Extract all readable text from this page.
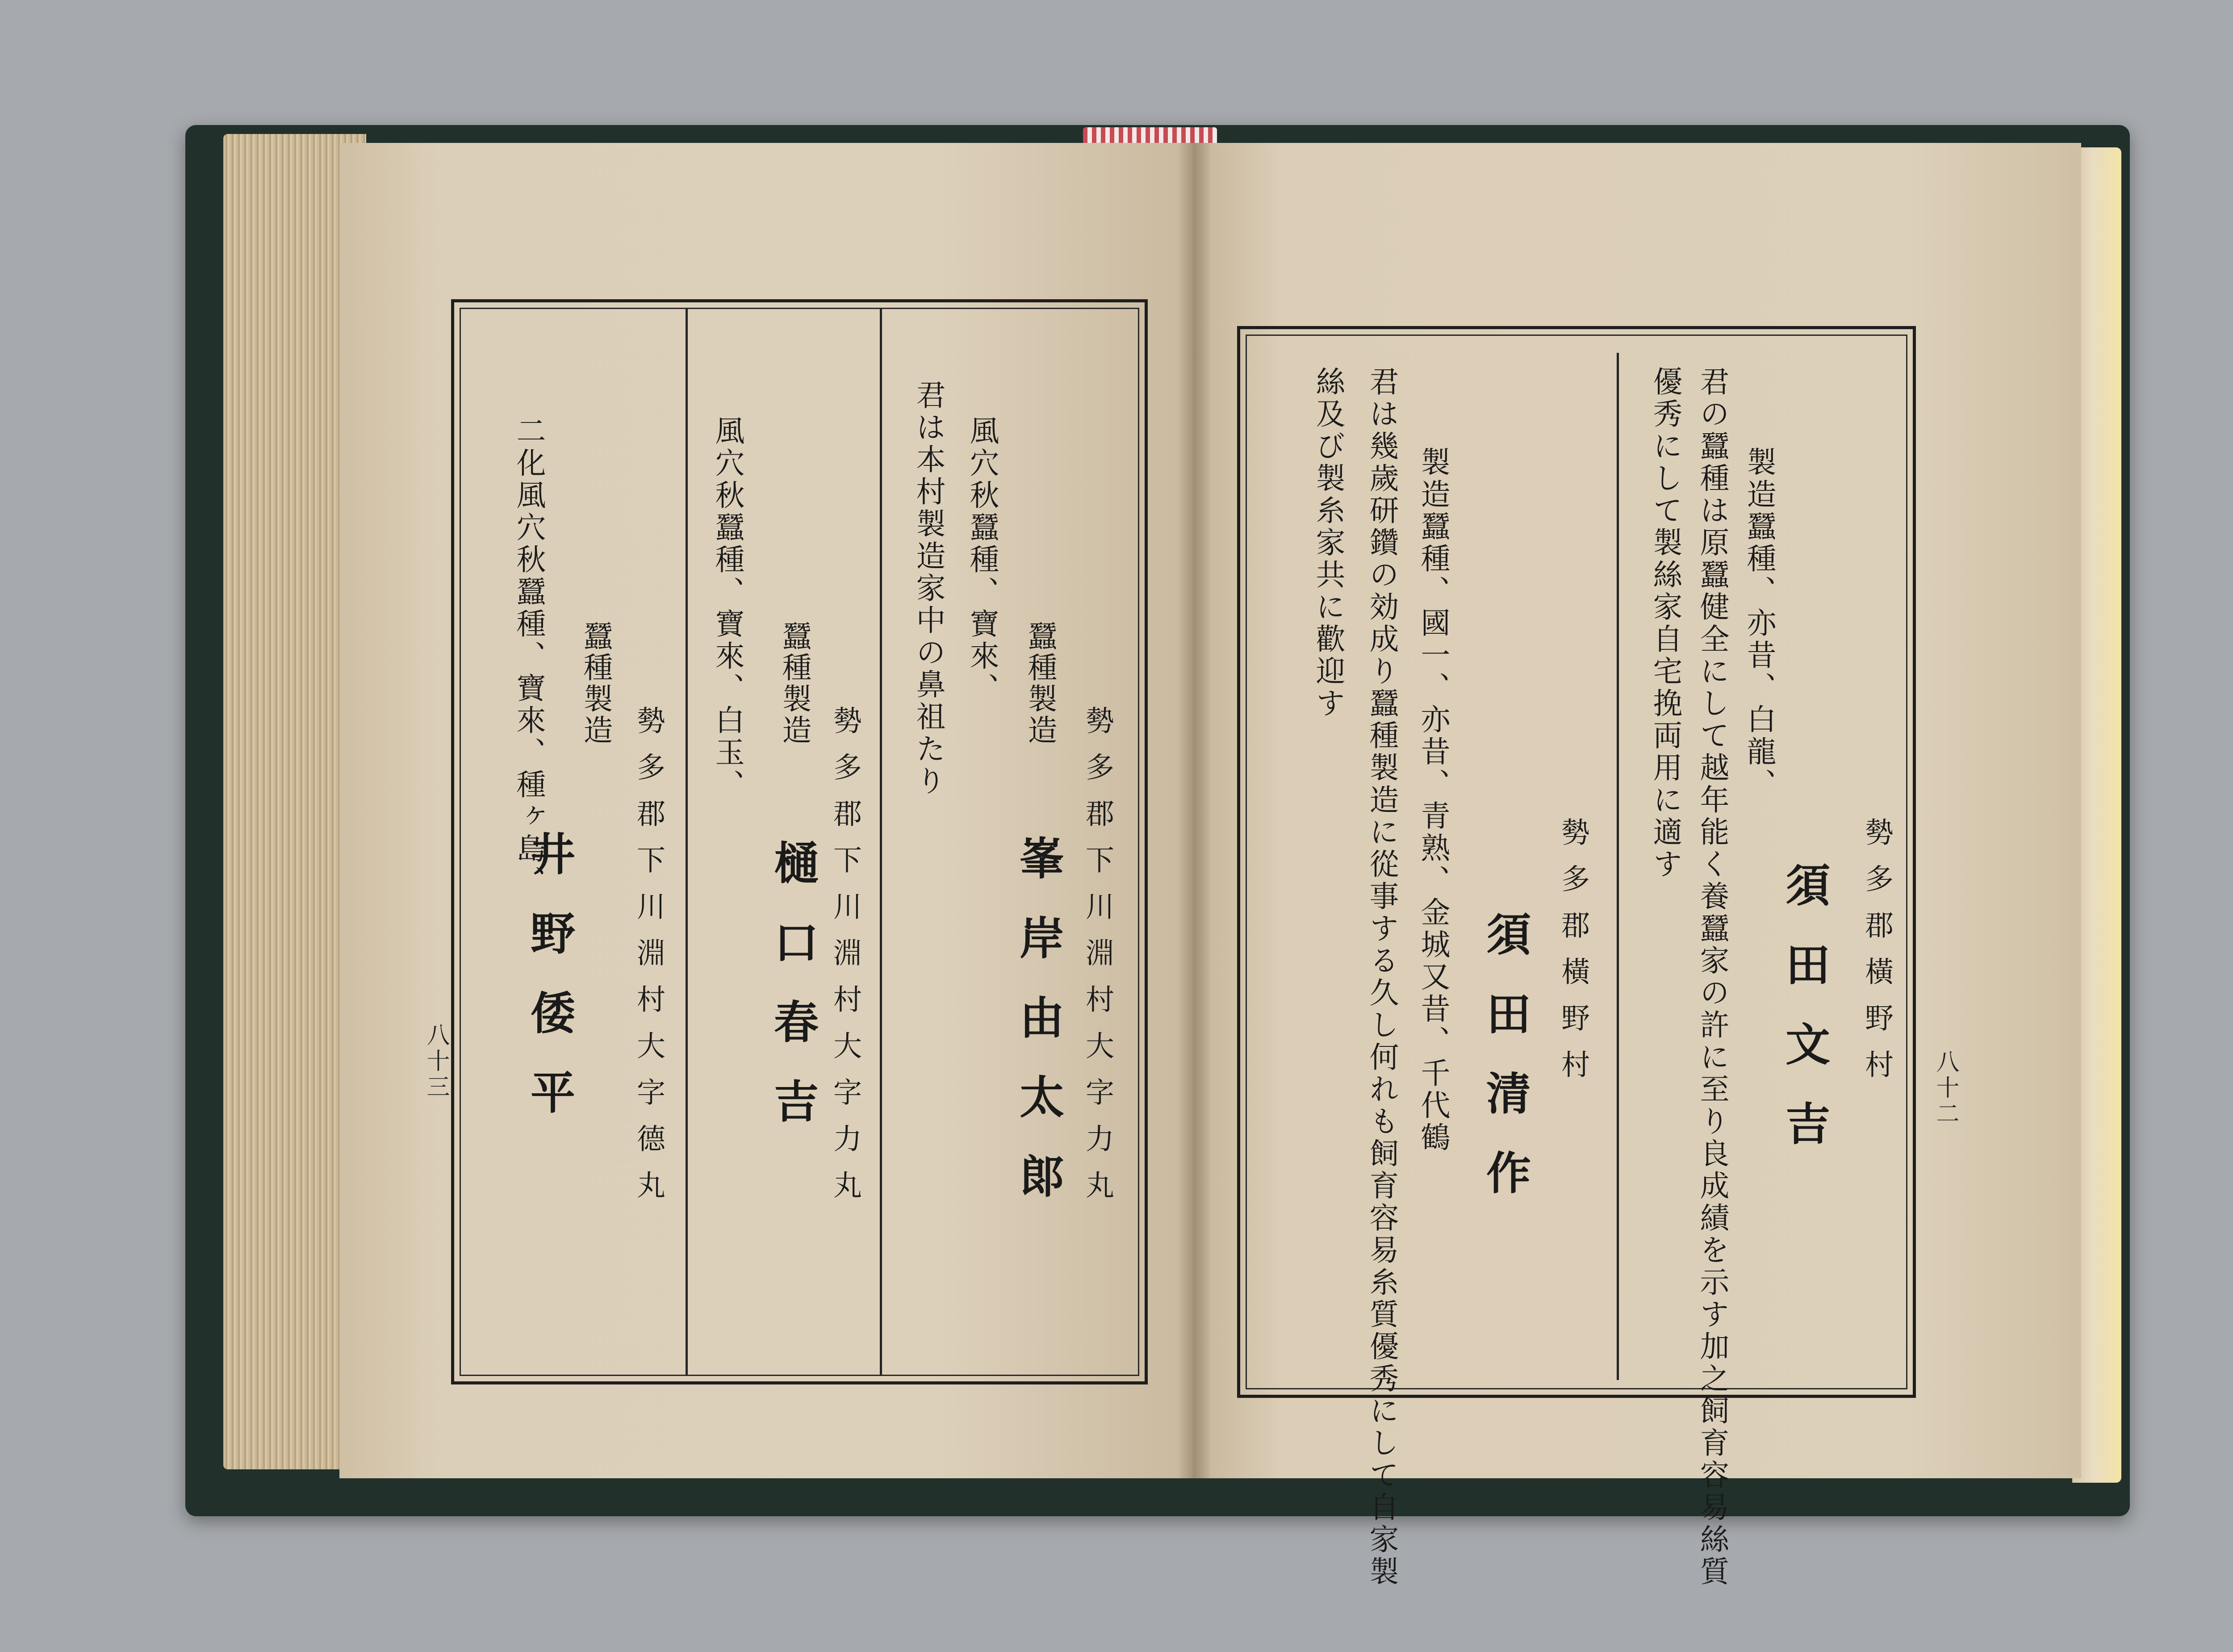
勢多郡下川淵村大字力丸
蠶種製造
峯岸由太郞
風穴秋蠶種、寶來、
君は本村製造家中の鼻祖たり
勢多郡下川淵村大字力丸
蠶種製造
樋口春吉
風穴秋蠶種、寶來、白玉、
勢多郡下川淵村大字德丸
蠶種製造
井野倭平
二化風穴秋蠶種、寶來、種ヶ島、
八十三	勢多郡橫野村
須田文吉
製造蠶種、亦昔、白龍、
君の蠶種は原蠶健全にして越年能く養蠶家の許に至り良成績を示す加之飼育容易絲質
優秀にして製絲家自宅挽両用に適す
勢多郡橫野村
須田清作
製造蠶種、國一、亦昔、青熟、金城又昔、千代鶴
君は幾歲研鑽の効成り蠶種製造に從事する久し何れも飼育容易糸質優秀にして自家製
絲及び製糸家共に歡迎す
八十二
